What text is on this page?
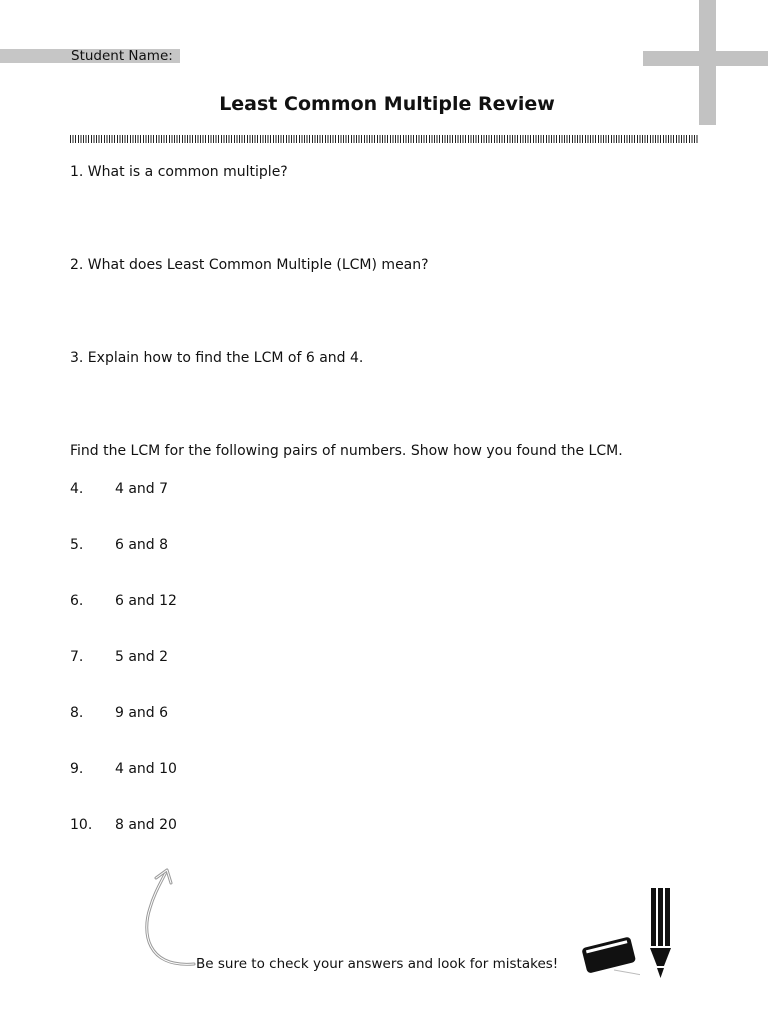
Student Name:
Least Common Multiple Review
1. What is a common multiple?
2. What does Least Common Multiple (LCM) mean?
3. Explain how to find the LCM of 6 and 4.
Find the LCM for the following pairs of numbers. Show how you found the LCM.
4. 4 and 7
5. 6 and 8
6. 6 and 12
7. 5 and 2
8. 9 and 6
9. 4 and 10
10. 8 and 20
Be sure to check your answers and look for mistakes!
